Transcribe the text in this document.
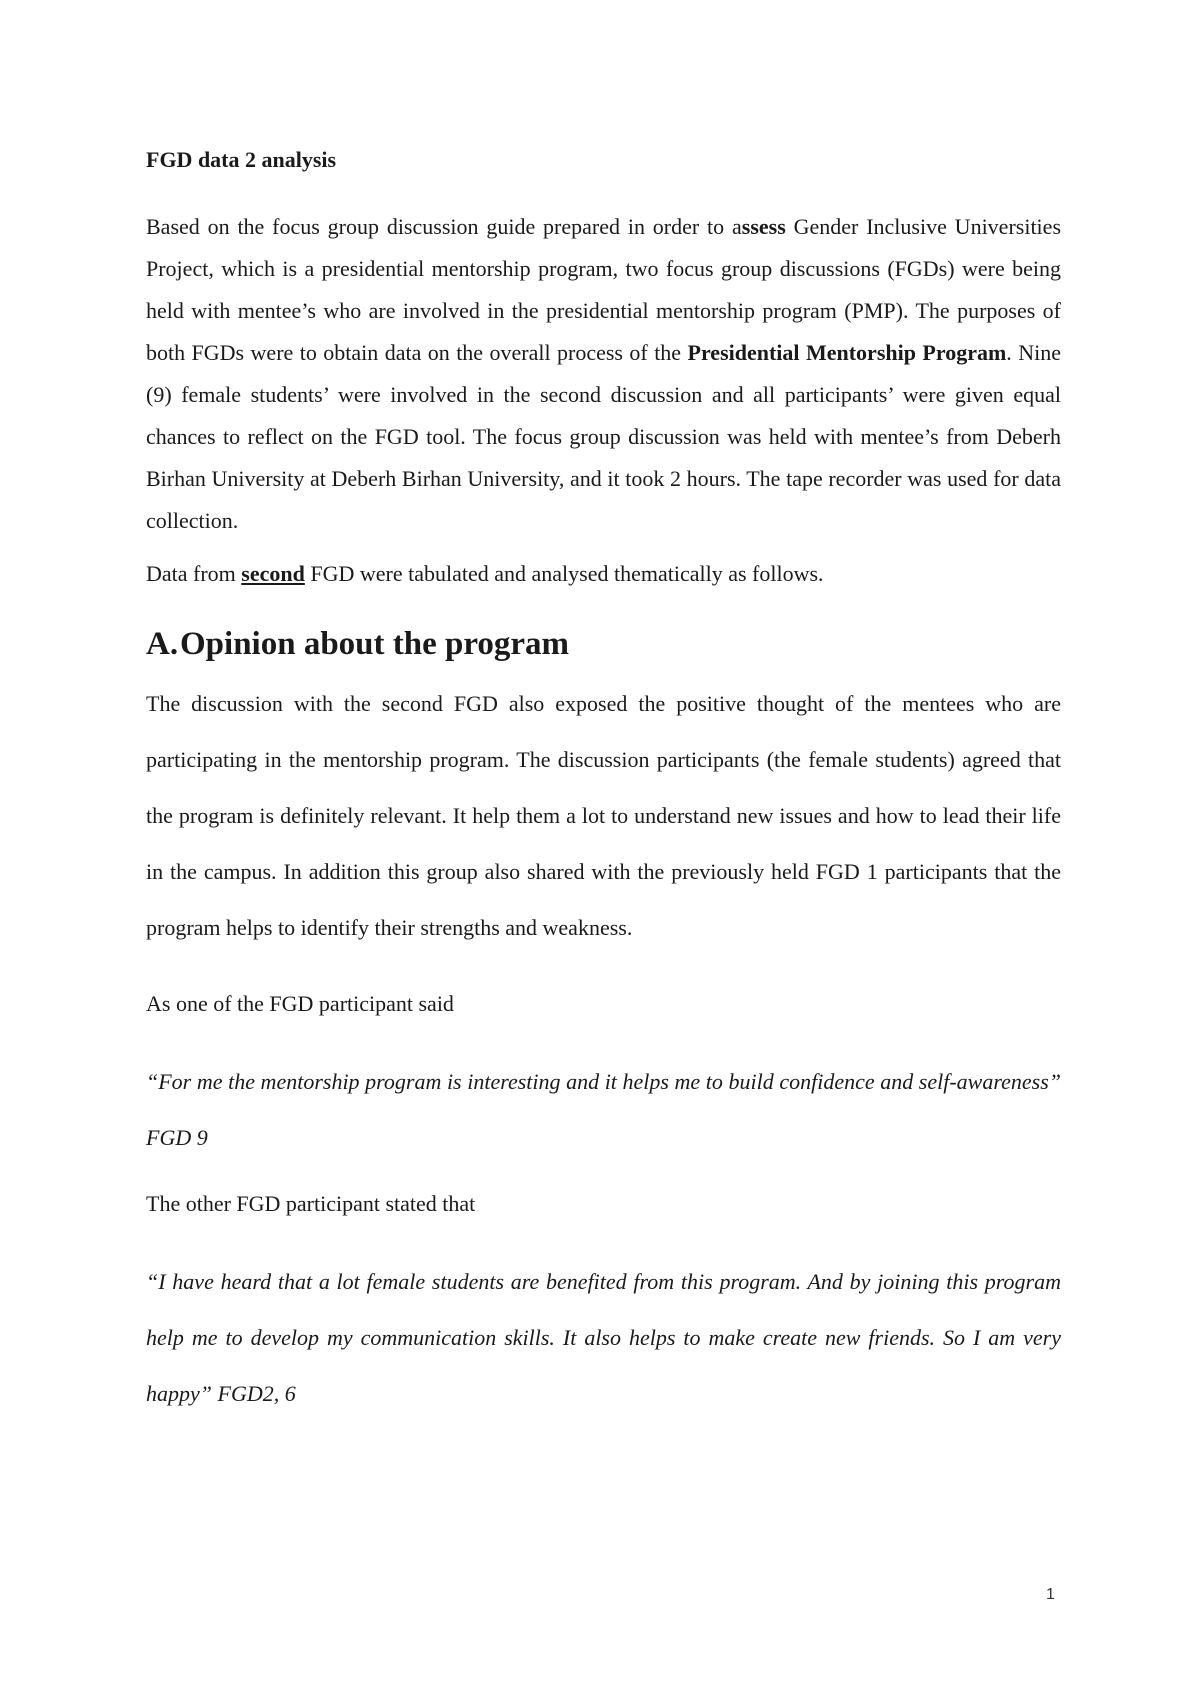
FGD data 2 analysis

Based on the focus group discussion guide prepared in order to assess Gender Inclusive Universities Project, which is a presidential mentorship program, two focus group discussions (FGDs) were being held with mentee’s who are involved in the presidential mentorship program (PMP). The purposes of both FGDs were to obtain data on the overall process of the Presidential Mentorship Program. Nine (9) female students’ were involved in the second discussion and all participants’ were given equal chances to reflect on the FGD tool. The focus group discussion was held with mentee’s from Deberh Birhan University at Deberh Birhan University, and it took 2 hours. The tape recorder was used for data collection.

Data from second FGD were tabulated and analysed thematically as follows.

A. Opinion about the program

The discussion with the second FGD also exposed the positive thought of the mentees who are participating in the mentorship program. The discussion participants (the female students) agreed that the program is definitely relevant. It help them a lot to understand new issues and how to lead their life in the campus. In addition this group also shared with the previously held FGD 1 participants that the program helps to identify their strengths and weakness.

As one of the FGD participant said

“For me the mentorship program is interesting and it helps me to build confidence and self-awareness” FGD 9

The other FGD participant stated that

“I have heard that a lot female students are benefited from this program. And by joining this program help me to develop my communication skills. It also helps to make create new friends. So I am very happy” FGD2, 6

1
